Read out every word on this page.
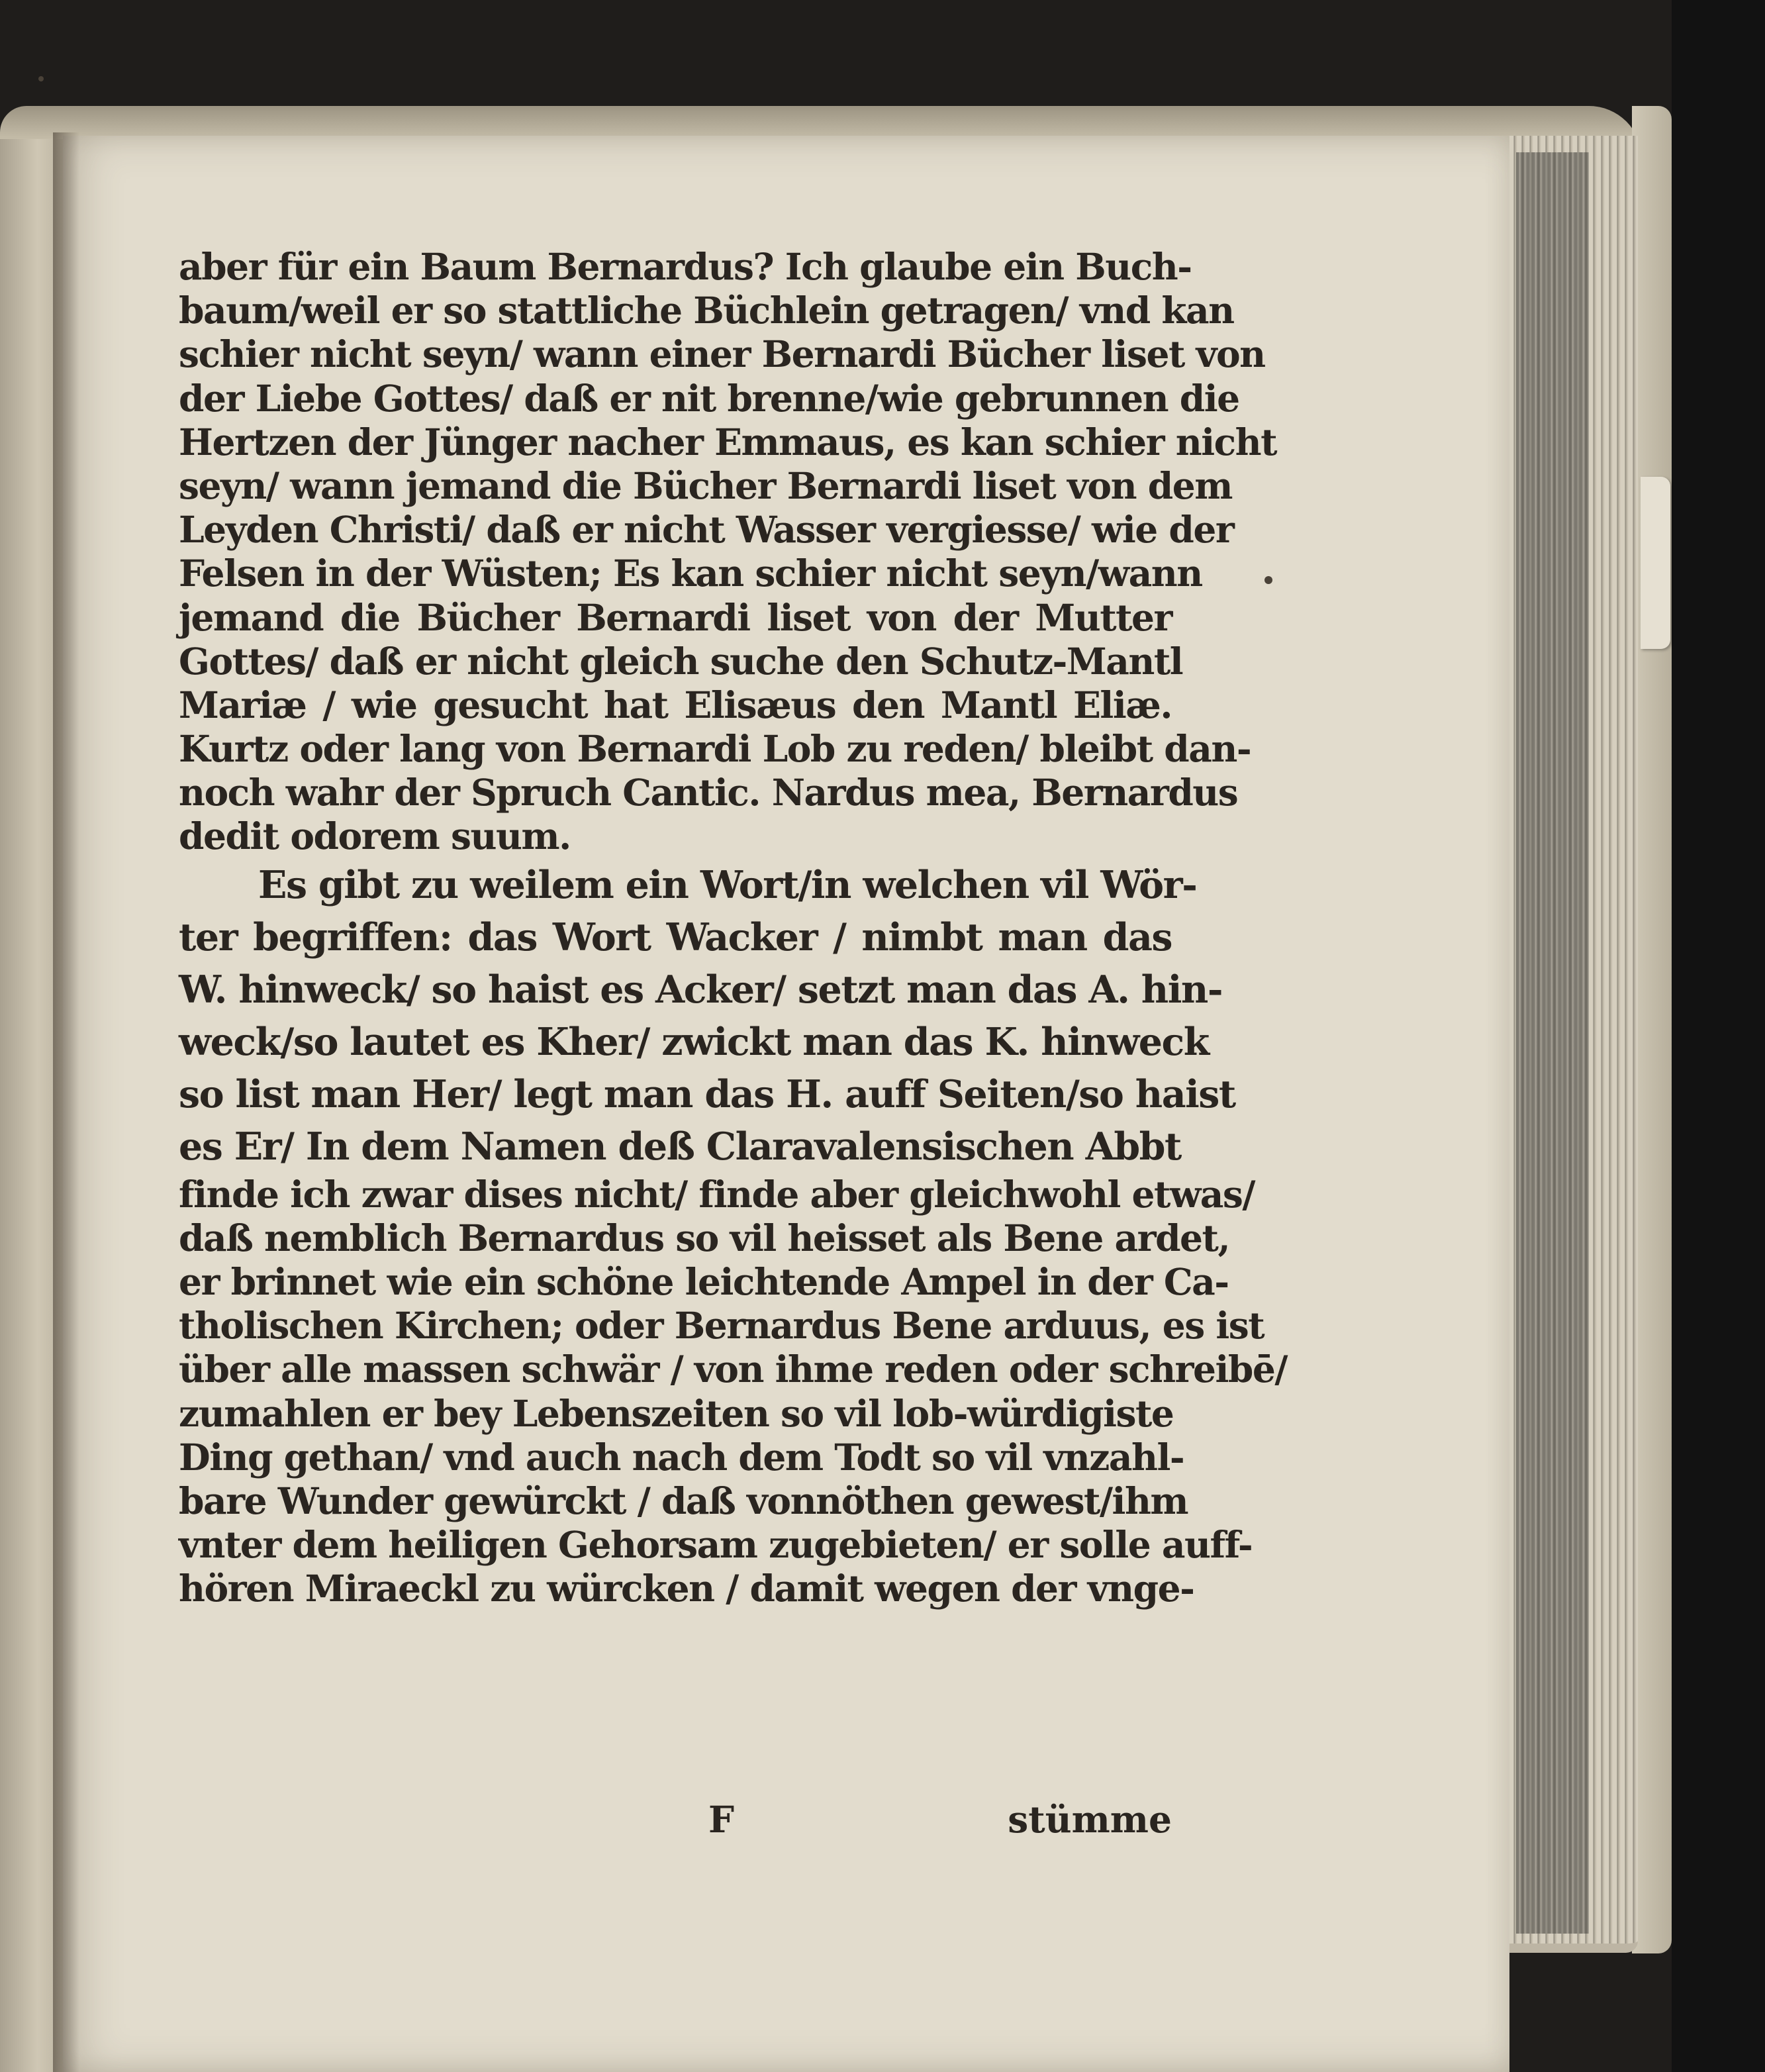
aber für ein Baum Bernardus? Ich glaube ein Buch-
baum/weil er so stattliche Büchlein getragen/ vnd kan
schier nicht seyn/ wann einer Bernardi Bücher liset von
der Liebe Gottes/ daß er nit brenne/wie gebrunnen die
Hertzen der Jünger nacher Emmaus, es kan schier nicht
seyn/ wann jemand die Bücher Bernardi liset von dem
Leyden Christi/ daß er nicht Wasser vergiesse/ wie der
Felsen in der Wüsten; Es kan schier nicht seyn/wann
jemand die Bücher Bernardi liset von der Mutter
Gottes/ daß er nicht gleich suche den Schutz-Mantl
Mariæ / wie gesucht hat Elisæus den Mantl Eliæ.
Kurtz oder lang von Bernardi Lob zu reden/ bleibt dan-
noch wahr der Spruch Cantic. Nardus mea, Bernardus
dedit odorem suum.
Es gibt zu weilem ein Wort/in welchen vil Wör-
ter begriffen: das Wort Wacker / nimbt man das
W. hinweck/ so haist es Acker/ setzt man das A. hin-
weck/so lautet es Kher/ zwickt man das K. hinweck
so list man Her/ legt man das H. auff Seiten/so haist
es Er/ In dem Namen deß Claravalensischen Abbt
finde ich zwar dises nicht/ finde aber gleichwohl etwas/
daß nemblich Bernardus so vil heisset als Bene ardet,
er brinnet wie ein schöne leichtende Ampel in der Ca-
tholischen Kirchen; oder Bernardus Bene arduus, es ist
über alle massen schwär / von ihme reden oder schreibē/
zumahlen er bey Lebenszeiten so vil lob-würdigiste
Ding gethan/ vnd auch nach dem Todt so vil vnzahl-
bare Wunder gewürckt / daß vonnöthen gewest/ihm
vnter dem heiligen Gehorsam zugebieten/ er solle auff-
hören Miraeckl zu würcken / damit wegen der vnge-
F	stümme
